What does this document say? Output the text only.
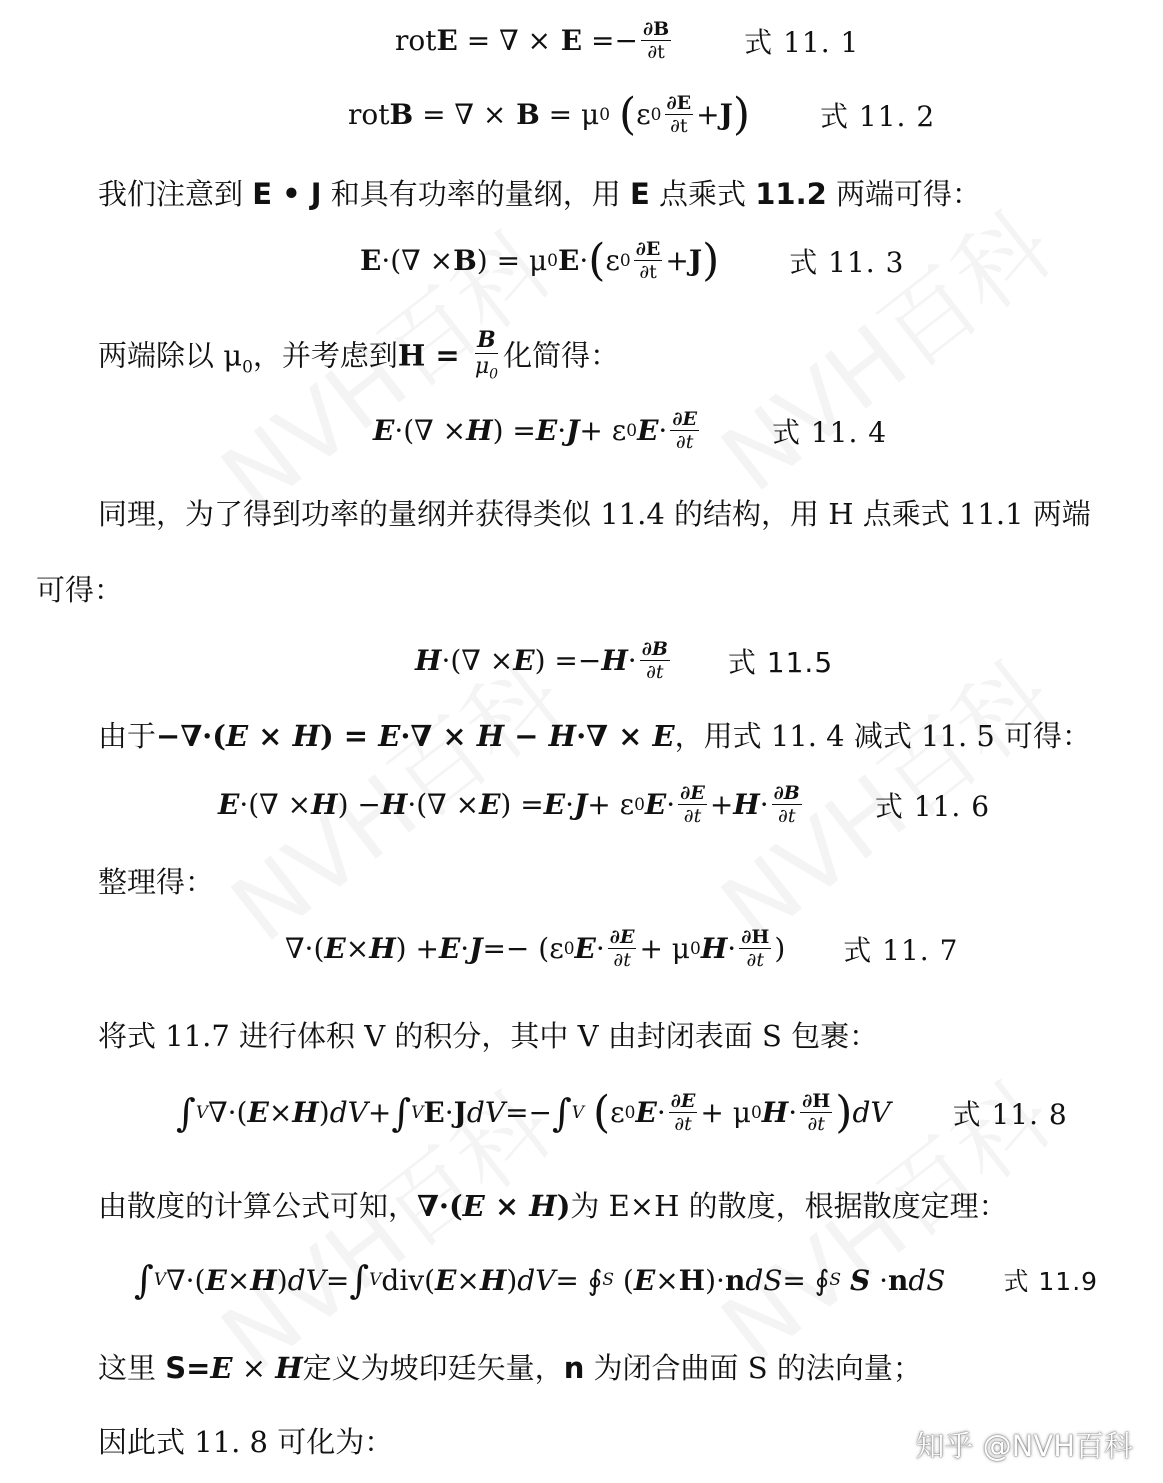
rot E = ∇ × $E =- \frac{\partial B}{\partial t}$	式 11. 1
rot B = ∇ × B = μ 0
( ε $0 \frac{\partial E}{\partial t} + J$ )	式 11. 2
我们注意到 E • J 和具有功率的量纲，用 E 点乘式 11.2 两端可得：
E ·(∇ × B ) = μ 0 E · ( ε $0 \frac{\partial E}{\partial t} + J$ )	式 11. 3
两端除以 $\mu_0$，并考虑到$H = \frac{B}{\mu_0}$ 化简得：
E ·(∇ × H ) = E · J + ε 0 $E \cdot \frac{\partial E}{\partial t}$	式 11. 4
同理，为了得到功率的量纲并获得类似 11.4 的结构，用 H 点乘式 11.1 两端
可得：
H ·(∇ × E ) =− $H \cdot \frac{\partial B}{\partial t}$ 式 11.5
由于−∇·(E × H) = E·∇ × H − H·∇ × E，用式 11. 4 减式 11. 5 可得：
E ·(∇ × H ) − H ·(∇ × E ) = E · J + ε 0 $E \cdot \frac{\partial E}{\partial t} + H \cdot \frac{\partial B}{\partial t}$	式 11. 6
整理得：
∇·( E × H ) + E · J =− (ε 0 $E \cdot \frac{\partial E}{\partial t} + \mu$ 0 $H \cdot \frac{\partial H}{\partial t}$ ) 式 11. 7
将式 11.7 进行体积 V 的积分，其中 V 由封闭表面 S 包裹：
∫ V ∇·( E × H ) dV + ∫ V E · J dV =− ∫ V
( ε 0 $E \cdot \frac{\partial E}{\partial t} + \mu$ 0 $H \cdot \frac{\partial H}{\partial t}$ ) dV 式 11. 8
由散度的计算公式可知，∇·(E × H)为 E×H 的散度，根据散度定理：
∫ V ∇·( E × H ) dV = ∫ V div( E × H ) dV = ∮ S ( E × H )· n dS = ∮ S
S · n dS 式 11.9
这里 S=E × H定义为坡印廷矢量，n 为闭合曲面 S 的法向量；
因此式 11. 8 可化为：	知乎 @NVH百科
